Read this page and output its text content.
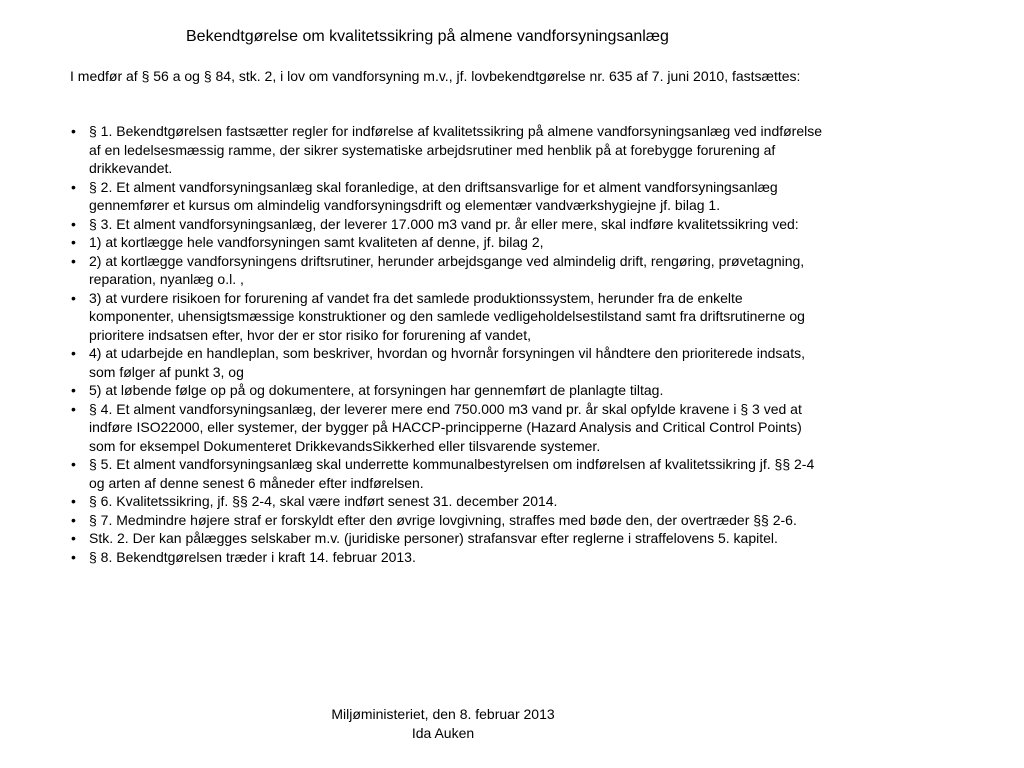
Bekendtgørelse om kvalitetssikring på almene vandforsyningsanlæg
I medfør af § 56 a og § 84, stk. 2, i lov om vandforsyning m.v., jf. lovbekendtgørelse nr. 635 af 7. juni 2010, fastsættes:
• § 1. Bekendtgørelsen fastsætter regler for indførelse af kvalitetssikring på almene vandforsyningsanlæg ved indførelse af en ledelsesmæssig ramme, der sikrer systematiske arbejdsrutiner med henblik på at forebygge forurening af drikkevandet.
• § 2. Et alment vandforsyningsanlæg skal foranledige, at den driftsansvarlige for et alment vandforsyningsanlæg gennemfører et kursus om almindelig vandforsyningsdrift og elementær vandværkshygiejne jf. bilag 1.
• § 3. Et alment vandforsyningsanlæg, der leverer 17.000 m3 vand pr. år eller mere, skal indføre kvalitetssikring ved:
• 1) at kortlægge hele vandforsyningen samt kvaliteten af denne, jf. bilag 2,
• 2) at kortlægge vandforsyningens driftsrutiner, herunder arbejdsgange ved almindelig drift, rengøring, prøvetagning, reparation, nyanlæg o.l. ,
• 3) at vurdere risikoen for forurening af vandet fra det samlede produktionssystem, herunder fra de enkelte komponenter, uhensigtsmæssige konstruktioner og den samlede vedligeholdelsestilstand samt fra driftsrutinerne og prioritere indsatsen efter, hvor der er stor risiko for forurening af vandet,
• 4) at udarbejde en handleplan, som beskriver, hvordan og hvornår forsyningen vil håndtere den prioriterede indsats, som følger af punkt 3, og
• 5) at løbende følge op på og dokumentere, at forsyningen har gennemført de planlagte tiltag.
• § 4. Et alment vandforsyningsanlæg, der leverer mere end 750.000 m3 vand pr. år skal opfylde kravene i § 3 ved at indføre ISO22000, eller systemer, der bygger på HACCP-principperne (Hazard Analysis and Critical Control Points) som for eksempel Dokumenteret DrikkevandsSikkerhed eller tilsvarende systemer.
• § 5. Et alment vandforsyningsanlæg skal underrette kommunalbestyrelsen om indførelsen af kvalitetssikring jf. §§ 2-4 og arten af denne senest 6 måneder efter indførelsen.
• § 6. Kvalitetssikring, jf. §§ 2-4, skal være indført senest 31. december 2014.
• § 7. Medmindre højere straf er forskyldt efter den øvrige lovgivning, straffes med bøde den, der overtræder §§ 2-6.
• Stk. 2. Der kan pålægges selskaber m.v. (juridiske personer) strafansvar efter reglerne i straffelovens 5. kapitel.
• § 8. Bekendtgørelsen træder i kraft 14. februar 2013.
Miljøministeriet, den 8. februar 2013
Ida Auken
